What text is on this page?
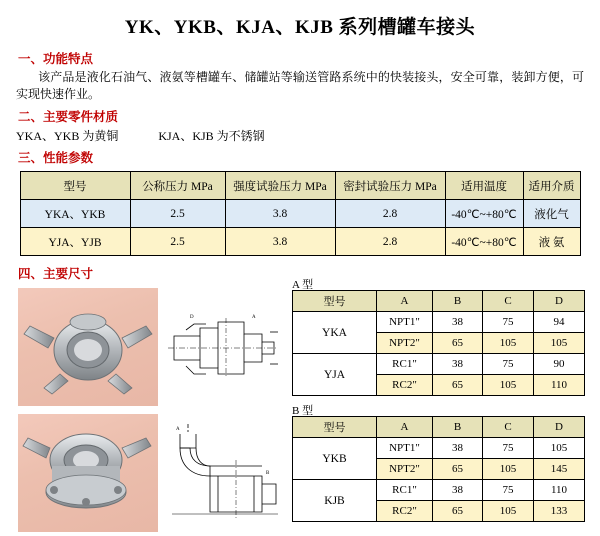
YK、YKB、KJA、KJB 系列槽罐车接头
一、功能特点
该产品是液化石油气、液氨等槽罐车、储罐站等输送管路系统中的快装接头，安全可靠，装卸方便，可实现快速作业。
二、主要零件材质
YKA、YKB 为黄铜	KJA、KJB 为不锈钢
三、性能参数
型号	公称压力 MPa	强度试验压力 MPa	密封试验压力 MPa	适用温度	适用介质
YKA、YKB	2.5	3.8	2.8	-40℃~+80℃	液化气
YJA、YJB	2.5	3.8	2.8	-40℃~+80℃	液 氨
四、主要尺寸
A
D
A 型
型号	A	B	C	D
YKA	NPT1"	38	75	94
	NPT2"	65	105	105
YJA	RC1"	38	75	90
	RC2"	65	105	110
B
A
B 型
型号	A	B	C	D
YKB	NPT1"	38	75	105
	NPT2"	65	105	145
KJB	RC1"	38	75	110
	RC2"	65	105	133
